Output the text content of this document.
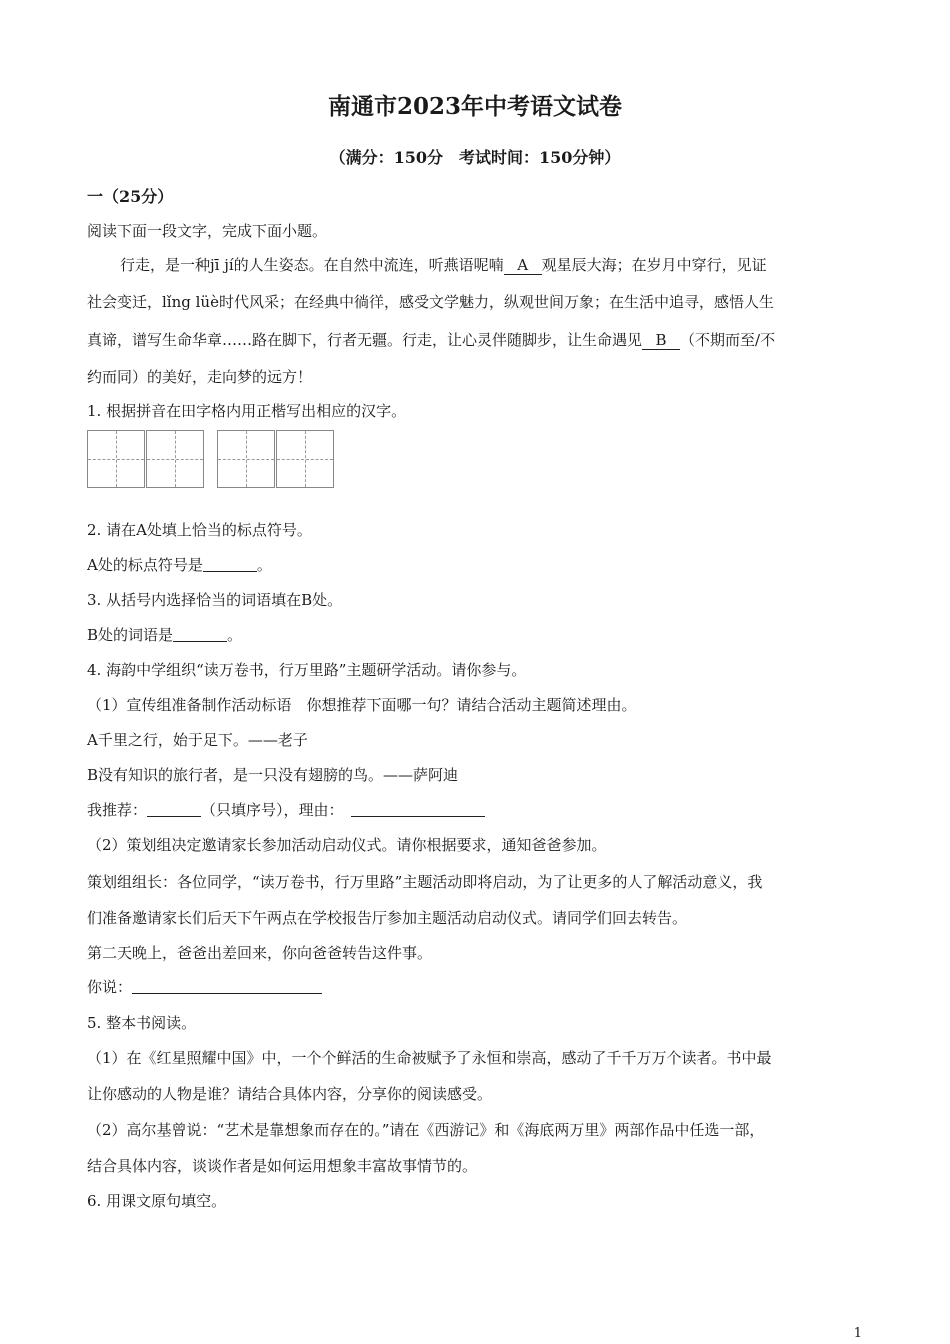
南通市2023年中考语文试卷
（满分：150分　考试时间：150分钟）
一（25分）
阅读下面一段文字，完成下面小题。
行走，是一种jī jí的人生姿态。在自然中流连，听燕语呢喃 A 观星辰大海；在岁月中穿行，见证
社会变迁，lǐng lüè时代风采；在经典中徜徉，感受文学魅力，纵观世间万象；在生活中追寻，感悟人生
真谛，谱写生命华章……路在脚下，行者无疆。行走，让心灵伴随脚步，让生命遇见 B （不期而至/不
约而同）的美好，走向梦的远方！
1. 根据拼音在田字格内用正楷写出相应的汉字。
2. 请在A处填上恰当的标点符号。
A处的标点符号是	。
3. 从括号内选择恰当的词语填在B处。
B处的词语是	。
4. 海韵中学组织“读万卷书，行万里路”主题研学活动。请你参与。
（1）宣传组准备制作活动标语　你想推荐下面哪一句？请结合活动主题简述理由。
A千里之行，始于足下。——老子
B没有知识的旅行者，是一只没有翅膀的鸟。——萨阿迪
我推荐：	（只填序号），理由：　
（2）策划组决定邀请家长参加活动启动仪式。请你根据要求，通知爸爸参加。
策划组组长：各位同学，“读万卷书，行万里路”主题活动即将启动，为了让更多的人了解活动意义，我
们准备邀请家长们后天下午两点在学校报告厅参加主题活动启动仪式。请同学们回去转告。
第二天晚上，爸爸出差回来，你向爸爸转告这件事。
你说：
5. 整本书阅读。
（1）在《红星照耀中国》中，一个个鲜活的生命被赋予了永恒和崇高，感动了千千万万个读者。书中最
让你感动的人物是谁？请结合具体内容，分享你的阅读感受。
（2）高尔基曾说：“艺术是靠想象而存在的。”请在《西游记》和《海底两万里》两部作品中任选一部，
结合具体内容，谈谈作者是如何运用想象丰富故事情节的。
6. 用课文原句填空。
1
